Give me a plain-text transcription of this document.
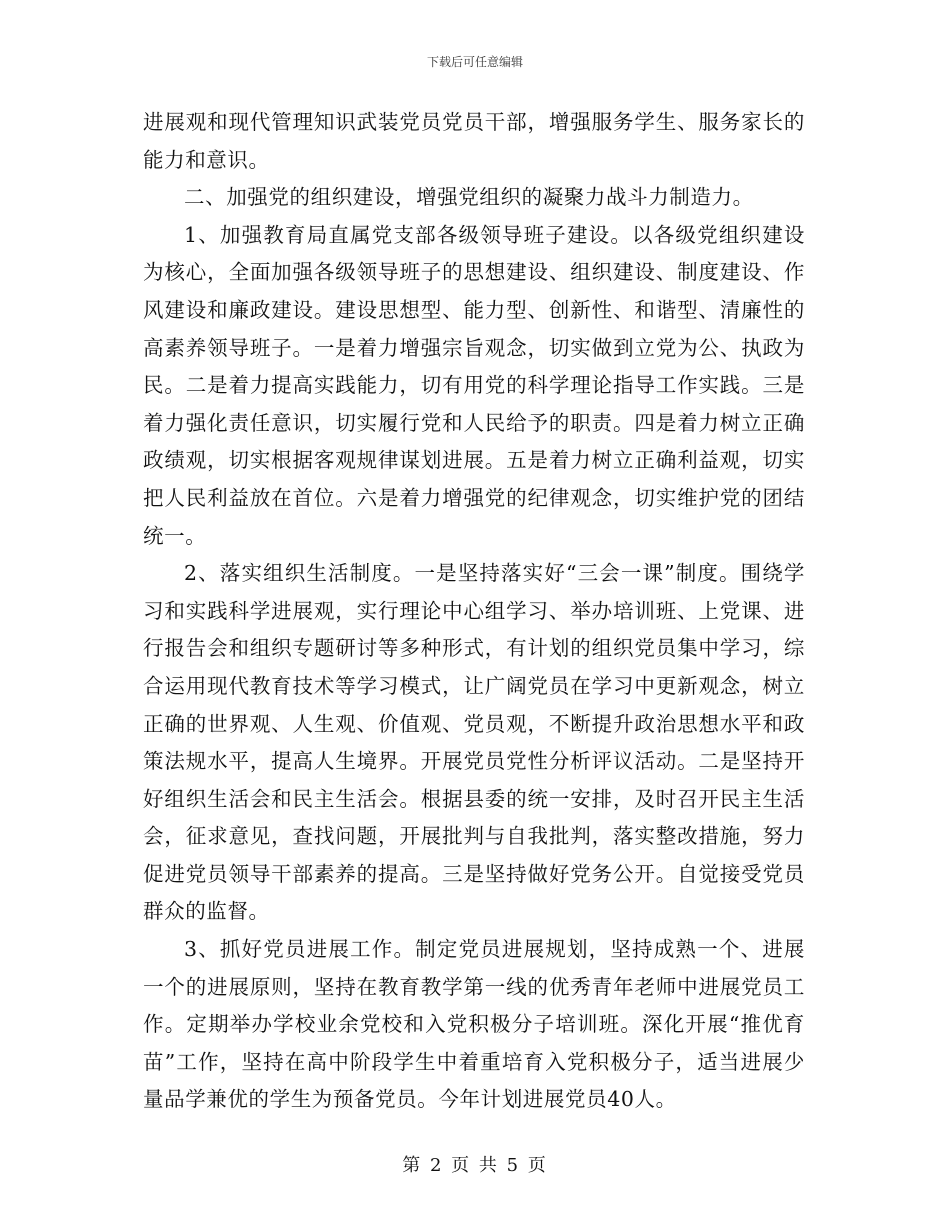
下载后可任意编辑

进展观和现代管理知识武装党员党员干部，增强服务学生、服务家长的能力和意识。

二、加强党的组织建设，增强党组织的凝聚力战斗力制造力。

1、加强教育局直属党支部各级领导班子建设。以各级党组织建设为核心，全面加强各级领导班子的思想建设、组织建设、制度建设、作风建设和廉政建设。建设思想型、能力型、创新性、和谐型、清廉性的高素养领导班子。一是着力增强宗旨观念，切实做到立党为公、执政为民。二是着力提高实践能力，切有用党的科学理论指导工作实践。三是着力强化责任意识，切实履行党和人民给予的职责。四是着力树立正确政绩观，切实根据客观规律谋划进展。五是着力树立正确利益观，切实把人民利益放在首位。六是着力增强党的纪律观念，切实维护党的团结统一。

2、落实组织生活制度。一是坚持落实好“三会一课”制度。围绕学习和实践科学进展观，实行理论中心组学习、举办培训班、上党课、进行报告会和组织专题研讨等多种形式，有计划的组织党员集中学习，综合运用现代教育技术等学习模式，让广阔党员在学习中更新观念，树立正确的世界观、人生观、价值观、党员观，不断提升政治思想水平和政策法规水平，提高人生境界。开展党员党性分析评议活动。二是坚持开好组织生活会和民主生活会。根据县委的统一安排，及时召开民主生活会，征求意见，查找问题，开展批判与自我批判，落实整改措施，努力促进党员领导干部素养的提高。三是坚持做好党务公开。自觉接受党员群众的监督。

3、抓好党员进展工作。制定党员进展规划，坚持成熟一个、进展一个的进展原则，坚持在教育教学第一线的优秀青年老师中进展党员工作。定期举办学校业余党校和入党积极分子培训班。深化开展“推优育苗”工作，坚持在高中阶段学生中着重培育入党积极分子，适当进展少量品学兼优的学生为预备党员。今年计划进展党员40人。

第 2 页 共 5 页
